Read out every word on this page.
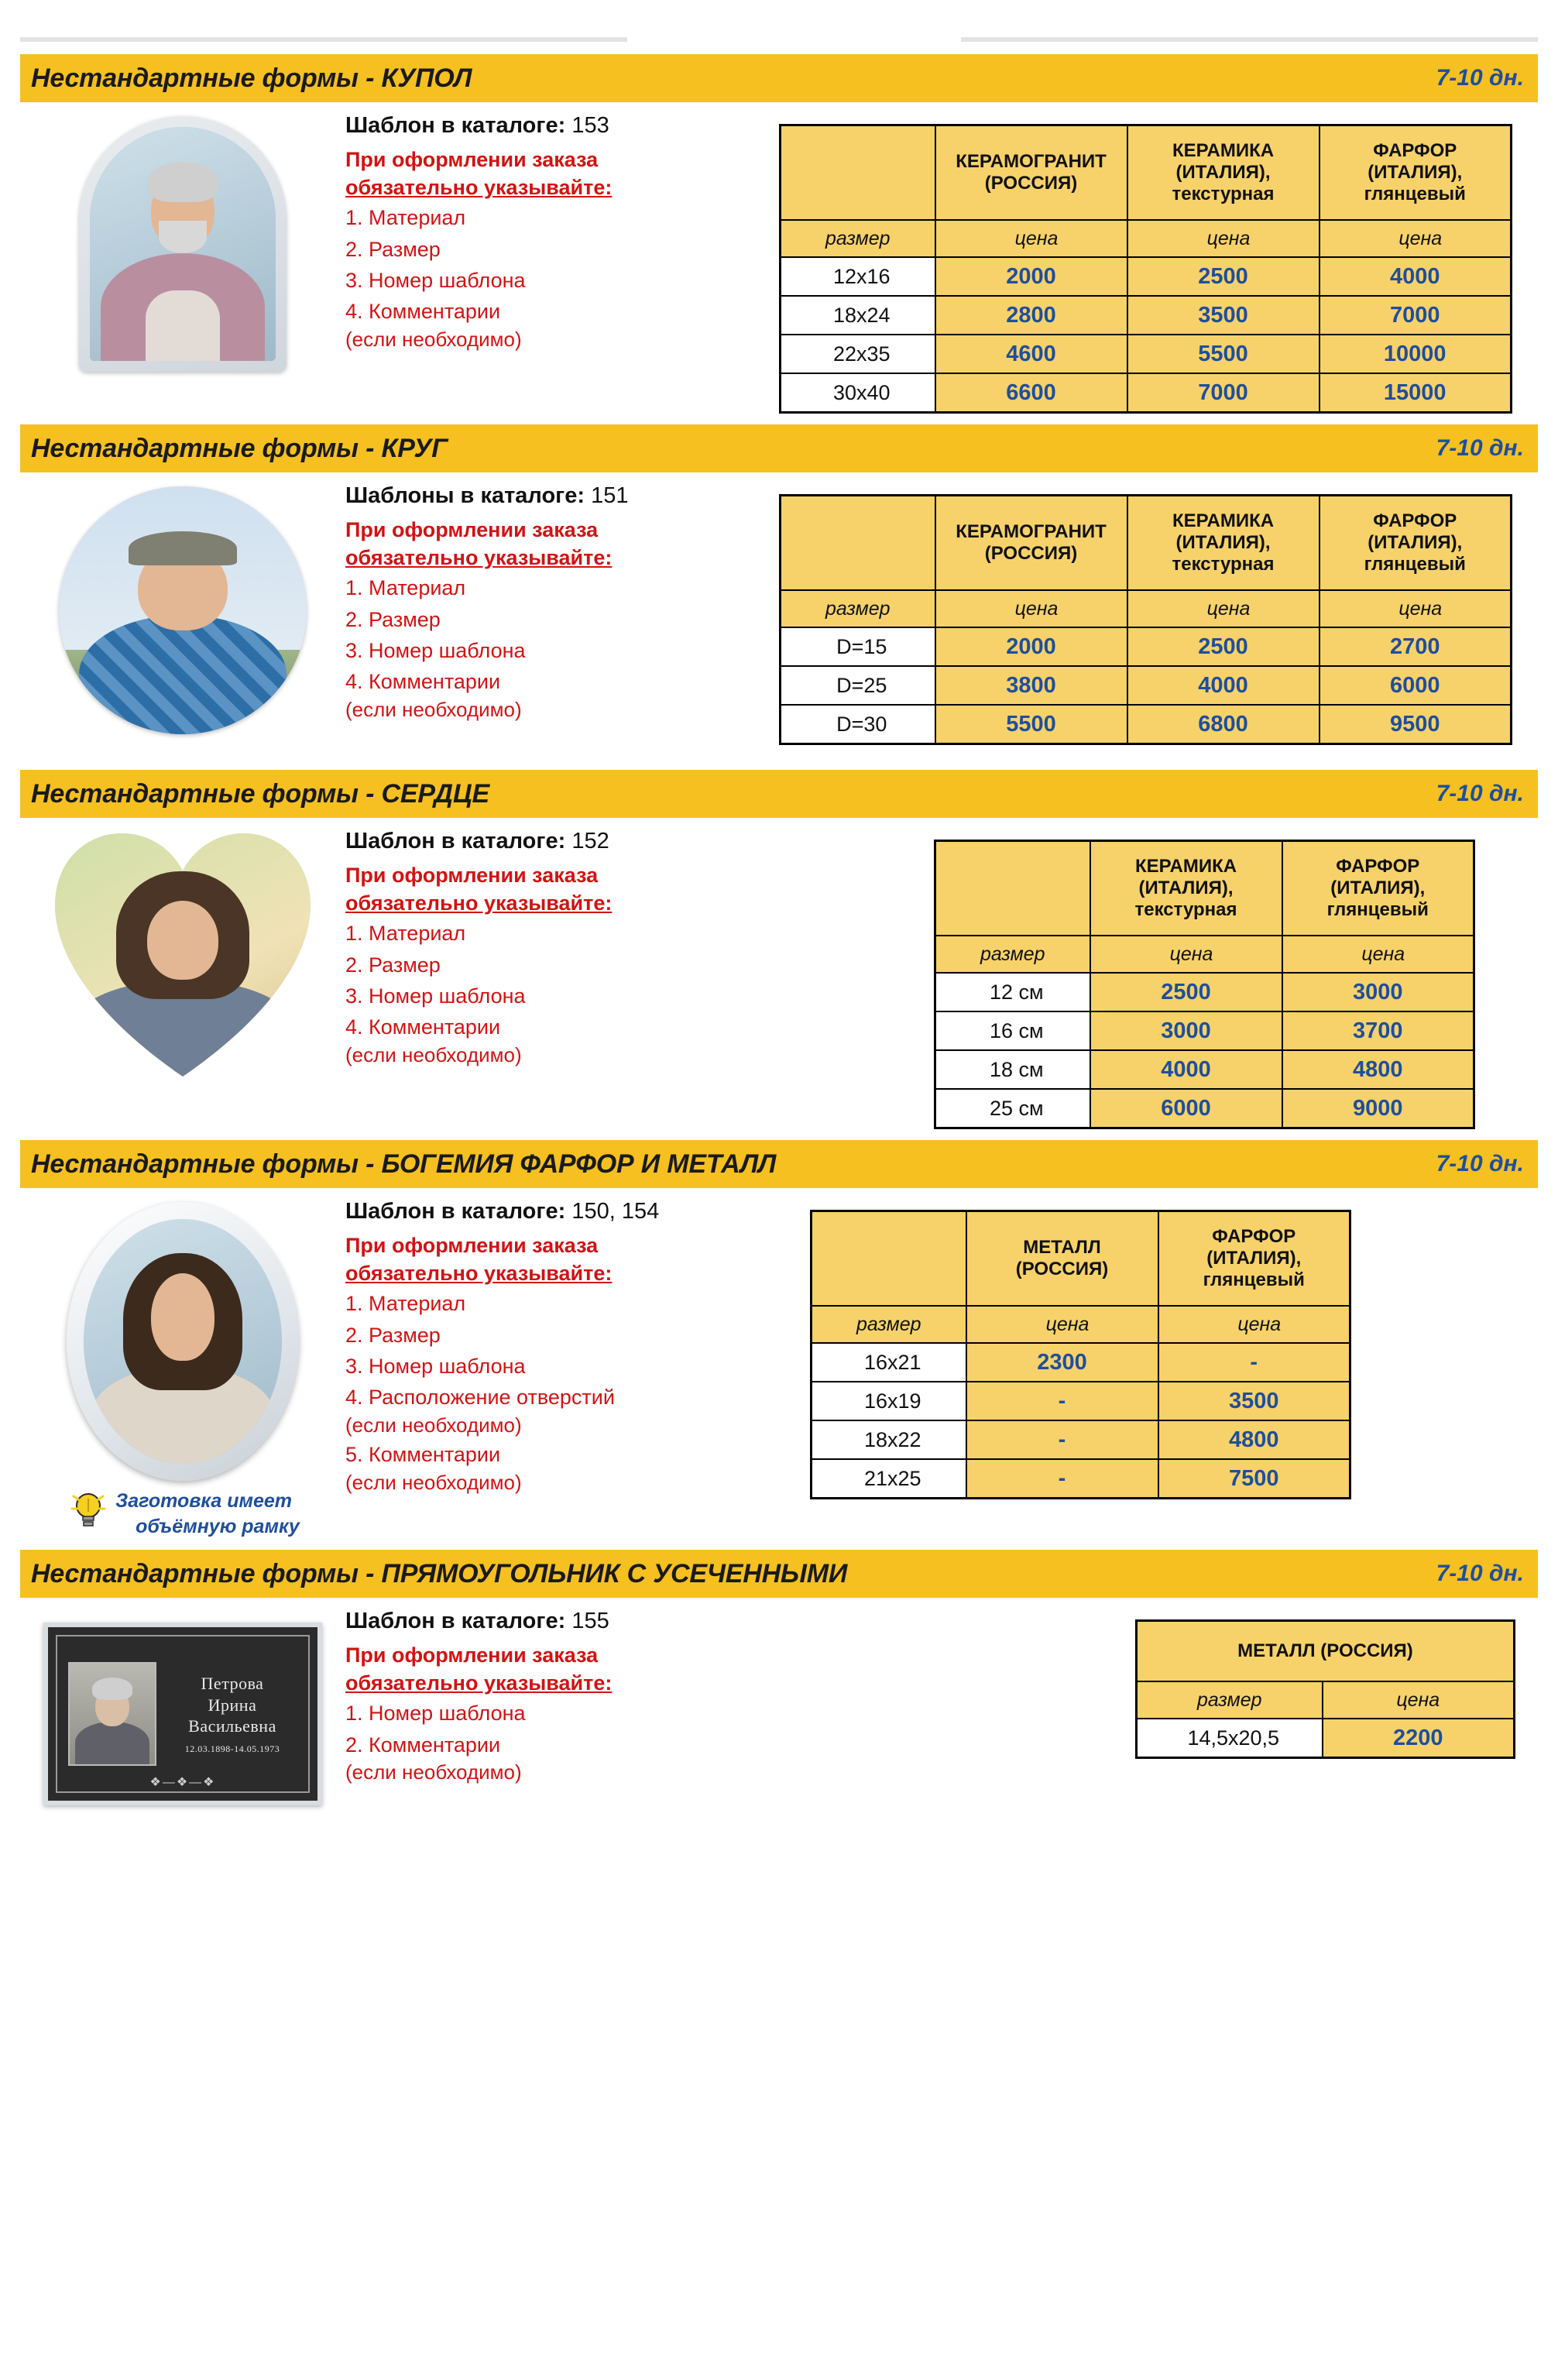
Нестандартные формы - КУПОЛ	7-10 дн.
Шаблон в каталоге: 153
При оформлении заказа
обязательно указывайте:
1. Материал
2. Размер
3. Номер шаблона
4. Комментарии
(если необходимо)
	КЕРАМОГРАНИТ
(РОССИЯ)	КЕРАМИКА
(ИТАЛИЯ),
текстурная	ФАРФОР
(ИТАЛИЯ),
глянцевый
размер	цена	цена	цена
12x16	2000	2500	4000
18x24	2800	3500	7000
22x35	4600	5500	10000
30x40	6600	7000	15000
Нестандартные формы - КРУГ	7-10 дн.
Шаблоны в каталоге: 151
При оформлении заказа
обязательно указывайте:
1. Материал
2. Размер
3. Номер шаблона
4. Комментарии
(если необходимо)
	КЕРАМОГРАНИТ
(РОССИЯ)	КЕРАМИКА
(ИТАЛИЯ),
текстурная	ФАРФОР
(ИТАЛИЯ),
глянцевый
размер	цена	цена	цена
D=15	2000	2500	2700
D=25	3800	4000	6000
D=30	5500	6800	9500
Нестандартные формы - СЕРДЦЕ	7-10 дн.
Шаблон в каталоге: 152
При оформлении заказа
обязательно указывайте:
1. Материал
2. Размер
3. Номер шаблона
4. Комментарии
(если необходимо)
	КЕРАМИКА
(ИТАЛИЯ),
текстурная	ФАРФОР
(ИТАЛИЯ),
глянцевый
размер	цена	цена
12 см	2500	3000
16 см	3000	3700
18 см	4000	4800
25 см	6000	9000
Нестандартные формы - БОГЕМИЯ ФАРФОР И МЕТАЛЛ	7-10 дн.
Заготовка имеет
объёмную рамку
Шаблон в каталоге: 150, 154
При оформлении заказа
обязательно указывайте:
1. Материал
2. Размер
3. Номер шаблона
4. Расположение отверстий
(если необходимо)
5. Комментарии
(если необходимо)
	МЕТАЛЛ
(РОССИЯ)	ФАРФОР
(ИТАЛИЯ),
глянцевый
размер	цена	цена
16x21	2300	-
16x19	-	3500
18x22	-	4800
21x25	-	7500
Нестандартные формы - ПРЯМОУГОЛЬНИК С УСЕЧЕННЫМИ	7-10 дн.
Петрова
Ирина
Васильевна
12.03.1898-14.05.1973
❖—❖—❖
Шаблон в каталоге: 155
При оформлении заказа
обязательно указывайте:
1. Номер шаблона
2. Комментарии
(если необходимо)
МЕТАЛЛ (РОССИЯ)	
размер	цена
14,5x20,5	2200
